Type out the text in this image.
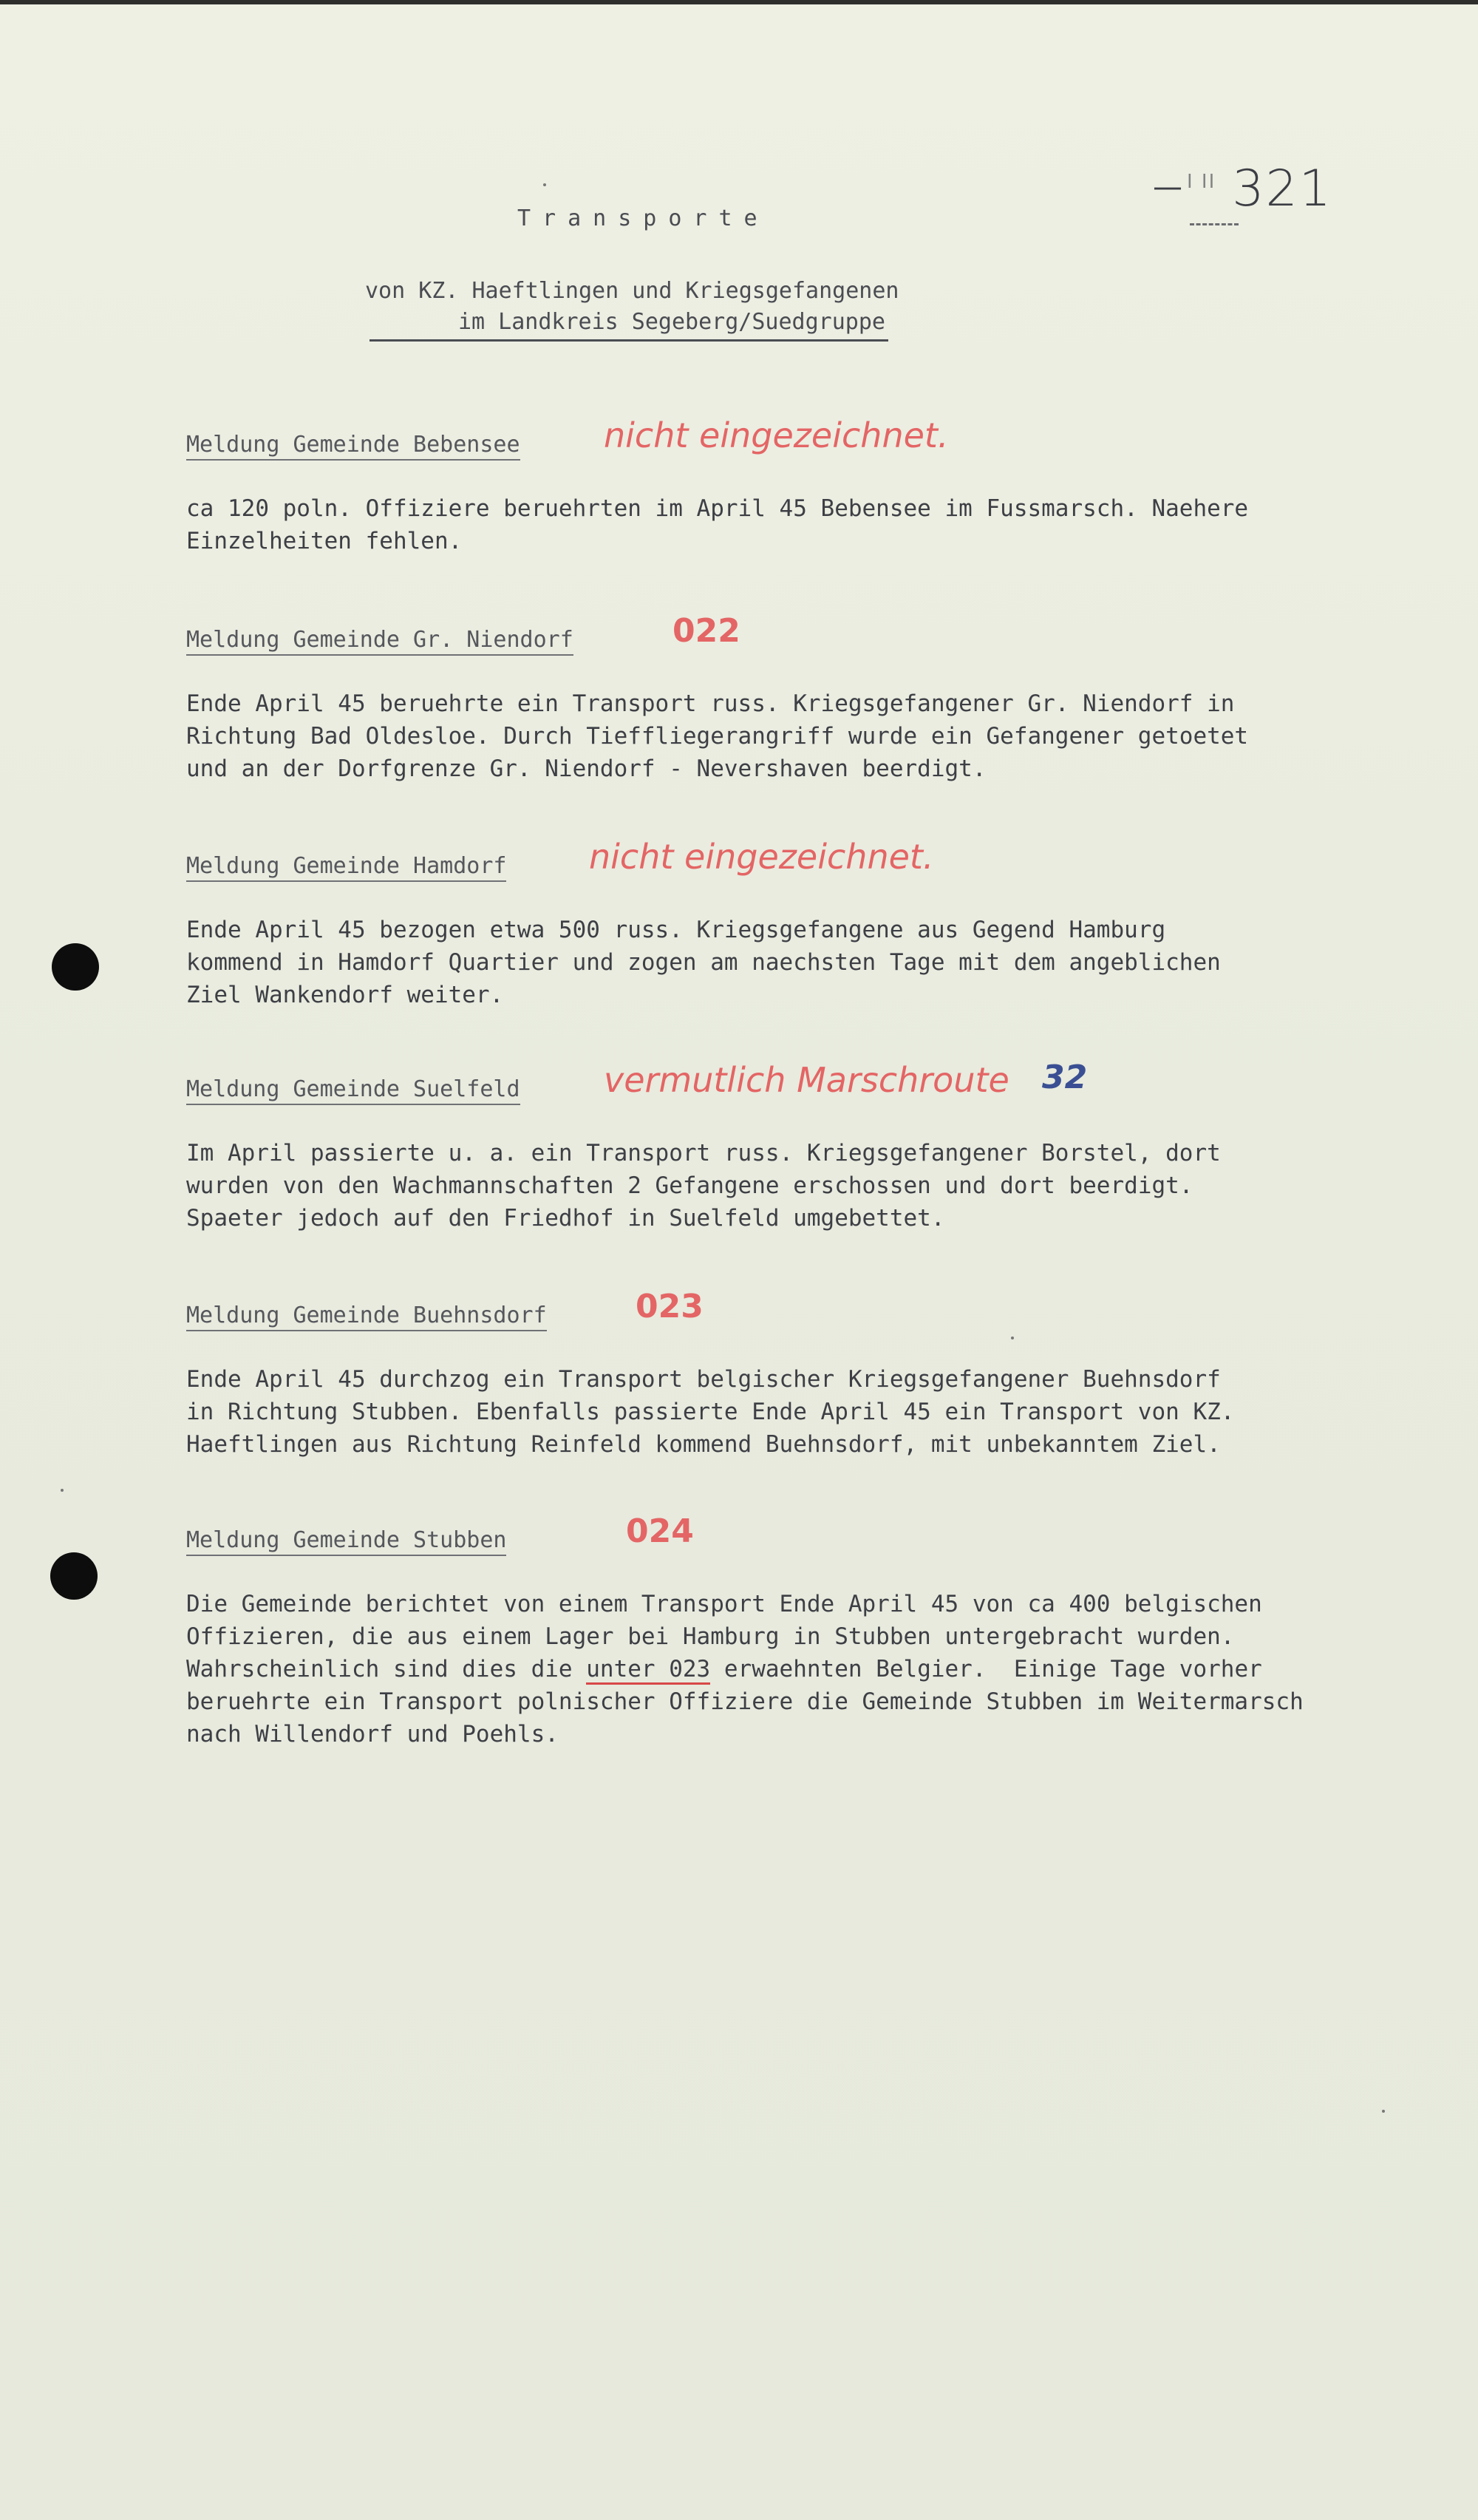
— $^{I II}$ 321
Transporte
von KZ. Haeftlingen und Kriegsgefangenen
im Landkreis Segeberg/Suedgruppe
Meldung Gemeinde Bebensee nicht eingezeichnet.

ca 120 poln. Offiziere beruehrten im April 45 Bebensee im Fussmarsch. Naehere

Einzelheiten fehlen.

Meldung Gemeinde Gr. Niendorf	022

Ende April 45 beruehrte ein Transport russ. Kriegsgefangener Gr. Niendorf in

Richtung Bad Oldesloe. Durch Tieffliegerangriff wurde ein Gefangener getoetet

und an der Dorfgrenze Gr. Niendorf - Nevershaven beerdigt.

Meldung Gemeinde Hamdorf nicht eingezeichnet.

Ende April 45 bezogen etwa 500 russ. Kriegsgefangene aus Gegend Hamburg

kommend in Hamdorf Quartier und zogen am naechsten Tage mit dem angeblichen

Ziel Wankendorf weiter.

Meldung Gemeinde Suelfeld vermutlich Marschroute 32

Im April passierte u. a. ein Transport russ. Kriegsgefangener Borstel, dort

wurden von den Wachmannschaften 2 Gefangene erschossen und dort beerdigt.

Spaeter jedoch auf den Friedhof in Suelfeld umgebettet.

Meldung Gemeinde Buehnsdorf	023

Ende April 45 durchzog ein Transport belgischer Kriegsgefangener Buehnsdorf

in Richtung Stubben. Ebenfalls passierte Ende April 45 ein Transport von KZ.

Haeftlingen aus Richtung Reinfeld kommend Buehnsdorf, mit unbekanntem Ziel.

Meldung Gemeinde Stubben	024

Die Gemeinde berichtet von einem Transport Ende April 45 von ca 400 belgischen

Offizieren, die aus einem Lager bei Hamburg in Stubben untergebracht wurden.

Wahrscheinlich sind dies die unter 023 erwaehnten Belgier.  Einige Tage vorher

beruehrte ein Transport polnischer Offiziere die Gemeinde Stubben im Weitermarsch

nach Willendorf und Poehls.
